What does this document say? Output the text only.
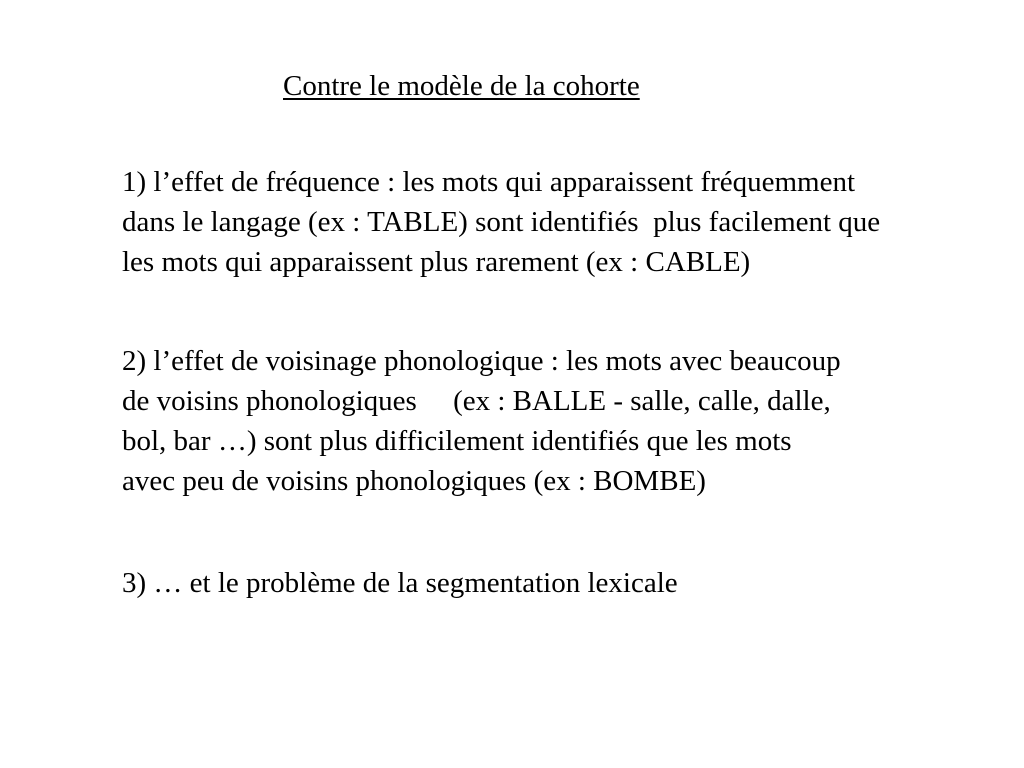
Contre le modèle de la cohorte
1) l’effet de fréquence : les mots qui apparaissent fréquemment
dans le langage (ex : TABLE) sont identifiés  plus facilement que
les mots qui apparaissent plus rarement (ex : CABLE)
2) l’effet de voisinage phonologique : les mots avec beaucoup
de voisins phonologiques     (ex : BALLE - salle, calle, dalle,
bol, bar …) sont plus difficilement identifiés que les mots
avec peu de voisins phonologiques (ex : BOMBE)
3) … et le problème de la segmentation lexicale
